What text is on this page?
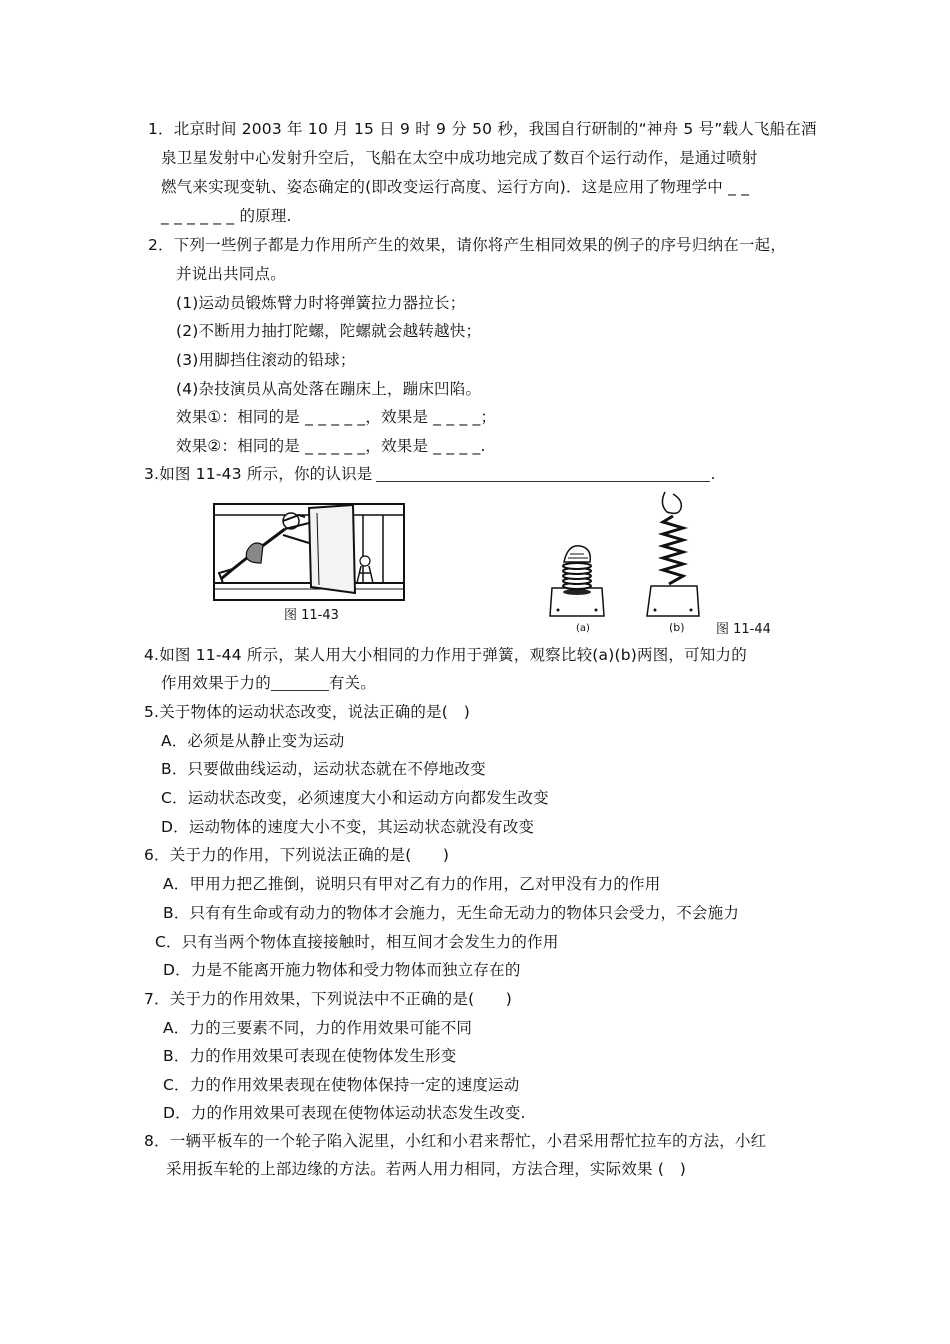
1．北京时间 2003 年 10 月 15 日 9 时 9 分 50 秒，我国自行研制的“神舟 5 号”载人飞船在酒
泉卫星发射中心发射升空后，飞船在太空中成功地完成了数百个运行动作，是通过喷射
燃气来实现变轨、姿态确定的(即改变运行高度、运行方向)．这是应用了物理学中 _ _
_ _ _ _ _ _ 的原理.
2．下列一些例子都是力作用所产生的效果，请你将产生相同效果的例子的序号归纳在一起，
并说出共同点。
(1)运动员锻炼臂力时将弹簧拉力器拉长；
(2)不断用力抽打陀螺，陀螺就会越转越快；
(3)用脚挡住滚动的铅球；
(4)杂技演员从高处落在蹦床上，蹦床凹陷。
效果①：相同的是 _ _ _ _ _，效果是 _ _ _ _；
效果②：相同的是 _ _ _ _ _，效果是 _ _ _ _.
3.如图 11-43 所示，你的认识是	.
图 11-43
(a)	(b) 图 11-44
4.如图 11-44 所示，某人用大小相同的力作用于弹簧，观察比较(a)(b)两图，可知力的
作用效果于力的	有关。
5.关于物体的运动状态改变，说法正确的是(　)
A．必须是从静止变为运动
B．只要做曲线运动，运动状态就在不停地改变
C．运动状态改变，必须速度大小和运动方向都发生改变
D．运动物体的速度大小不变，其运动状态就没有改变
6．关于力的作用，下列说法正确的是(　　)
A．甲用力把乙推倒，说明只有甲对乙有力的作用，乙对甲没有力的作用
B．只有有生命或有动力的物体才会施力，无生命无动力的物体只会受力，不会施力
C．只有当两个物体直接接触时，相互间才会发生力的作用
D．力是不能离开施力物体和受力物体而独立存在的
7．关于力的作用效果，下列说法中不正确的是(　　)
A．力的三要素不同，力的作用效果可能不同
B．力的作用效果可表现在使物体发生形变
C．力的作用效果表现在使物体保持一定的速度运动
D．力的作用效果可表现在使物体运动状态发生改变.
8．一辆平板车的一个轮子陷入泥里，小红和小君来帮忙，小君采用帮忙拉车的方法，小红
采用扳车轮的上部边缘的方法。若两人用力相同，方法合理，实际效果 (　)
